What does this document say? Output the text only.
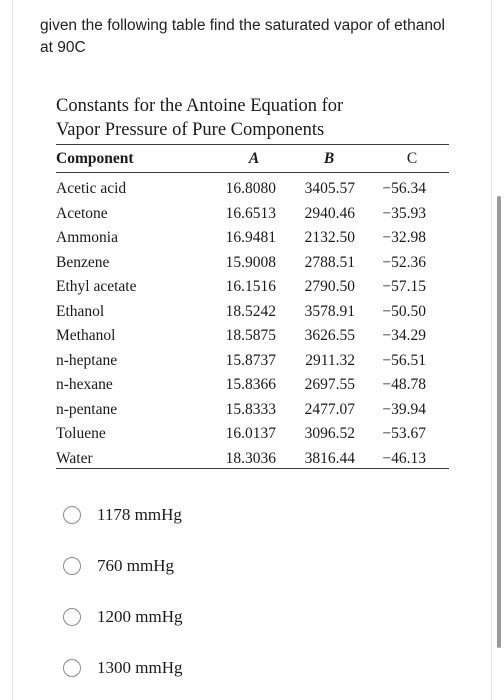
given the following table find the saturated vapor of ethanol at 90C
Constants for the Antoine Equation for
Vapor Pressure of Pure Components
Component	A	B	C
Acetic acid	16.8080	3405.57	−56.34
Acetone	16.6513	2940.46	−35.93
Ammonia	16.9481	2132.50	−32.98
Benzene	15.9008	2788.51	−52.36
Ethyl acetate	16.1516	2790.50	−57.15
Ethanol	18.5242	3578.91	−50.50
Methanol	18.5875	3626.55	−34.29
n-heptane	15.8737	2911.32	−56.51
n-hexane	15.8366	2697.55	−48.78
n-pentane	15.8333	2477.07	−39.94
Toluene	16.0137	3096.52	−53.67
Water	18.3036	3816.44	−46.13
1178 mmHg
760 mmHg
1200 mmHg
1300 mmHg
